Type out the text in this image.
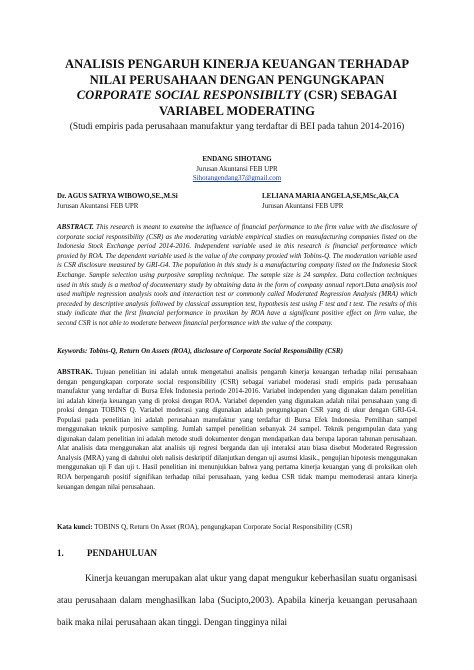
ANALISIS PENGARUH KINERJA KEUANGAN TERHADAP
NILAI PERUSAHAAN DENGAN PENGUNGKAPAN
CORPORATE SOCIAL RESPONSIBILTY (CSR) SEBAGAI
VARIABEL MODERATING

(Studi empiris pada perusahaan manufaktur yang terdaftar di BEI pada tahun 2014-2016)

ENDANG SIHOTANG
Jurusan Akuntansi FEB UPR
Sihotangendang37@gmail.com
Dr. AGUS SATRYA WIBOWO,SE.,M.Si
Jurusan Akuntansi FEB UPR
LELIANA MARIA ANGELA,SE,MSc,Ak,CA
Jurusan Akuntansi FEB UPR

ABSTRACT. This research is meant to examine the influence of financial performance to the firm value with the disclosure of corporate social responsibility (CSR) as the moderating variable empirical studies on manufacturing companies listed on the Indonesia Stock Exchange period 2014-2016. Independent variable used in this research is financial performance which proxied by ROA. The dependent variable used is the value of the company proxied with Tobins-Q. The moderation variable used is CSR disclosure measured by GRI-G4. The population in this study is a manufacturing company listed on the Indonesia Stock Exchange. Sample selection using purposive sampling technique. The sample size is 24 samplex. Data collection techniques used in this study is a method of documentary study by obtaining data in the form of company annual report.Data analysis tool used multiple regression analysis tools and interaction test or commonly called Moderated Regression Analysis (MRA) which preceded by descriptive analysis followed by classical assumption test, hypothesis test using F test and t test. The results of this study indicate that the first financial performance in proxikan by ROA have a significant positive effect on firm value, the second CSR is not able to moderate between financial performance with the value of the company.

Keywords: Tobins-Q, Return On Assets (ROA), disclosure of Corporate Social Responsibility (CSR)

ABSTRAK. Tujuan penelitian ini adalah untuk mengetahui analisis pengaruh kinerja keuangan terhadap nilai perusahaan dengan pengungkapan corporate social responsibility (CSR) sebagai variabel moderasi studi empiris pada perusahaan manufaktur yang terdaftar di Bursa Efek Indonesia periode 2014-2016. Variabel independen yang digunakan dalam penelitian ini adalah kinerja keuangan yang di proksi dengan ROA. Variabel dependen yang digunakan adalah nilai perusahaan yang di proksi dengan TOBINS Q. Variabel moderasi yang digunakan adalah pengungkapan CSR yang di ukur dengan GRI-G4. Populasi pada penelitian ini adalah perusahaan manufaktur yang terdaftar di Bursa Efek Indonesia. Pemilihan sampel menggunakan teknik purposive sampling. Jumlah sampel penelitian sebanyak 24 sampel. Teknik pengumpulan data yang digunakan dalam penelitian ini adalah metode studi dokumenter dengan mendapatkan data berupa laporan tahunan perusahaan. Alat analisis data menggunakan alat analisis uji regresi berganda dan uji interaksi atau biasa disebut Moderated Regression Analysis (MRA) yang di dahului oleh nalisis deskriptif dilanjutkan dengan uji asumsi klasik., pengujian hipotesis menggunakan menggunakan uji F dan uji t. Hasil penelitian ini menunjukkan bahwa yang pertama kinerja keuangan yang di proksikan oleh ROA berpengaruh positif signifikan terhadap nilai perusahaan, yang kedua CSR tidak mampu memoderasi antara kinerja keuangan dengan nilai perusahaan.

Kata kunci: TOBINS Q, Return On Asset (ROA), pengungkapan Corporate Social Responsibility (CSR)

1.	PENDAHULUAN

Kinerja keuangan merupakan alat ukur yang dapat mengukur keberhasilan suatu organisasi atau perusahaan dalam menghasilkan laba (Sucipto,2003). Apabila kinerja keuangan perusahaan baik maka nilai perusahaan akan tinggi. Dengan tingginya nilai
